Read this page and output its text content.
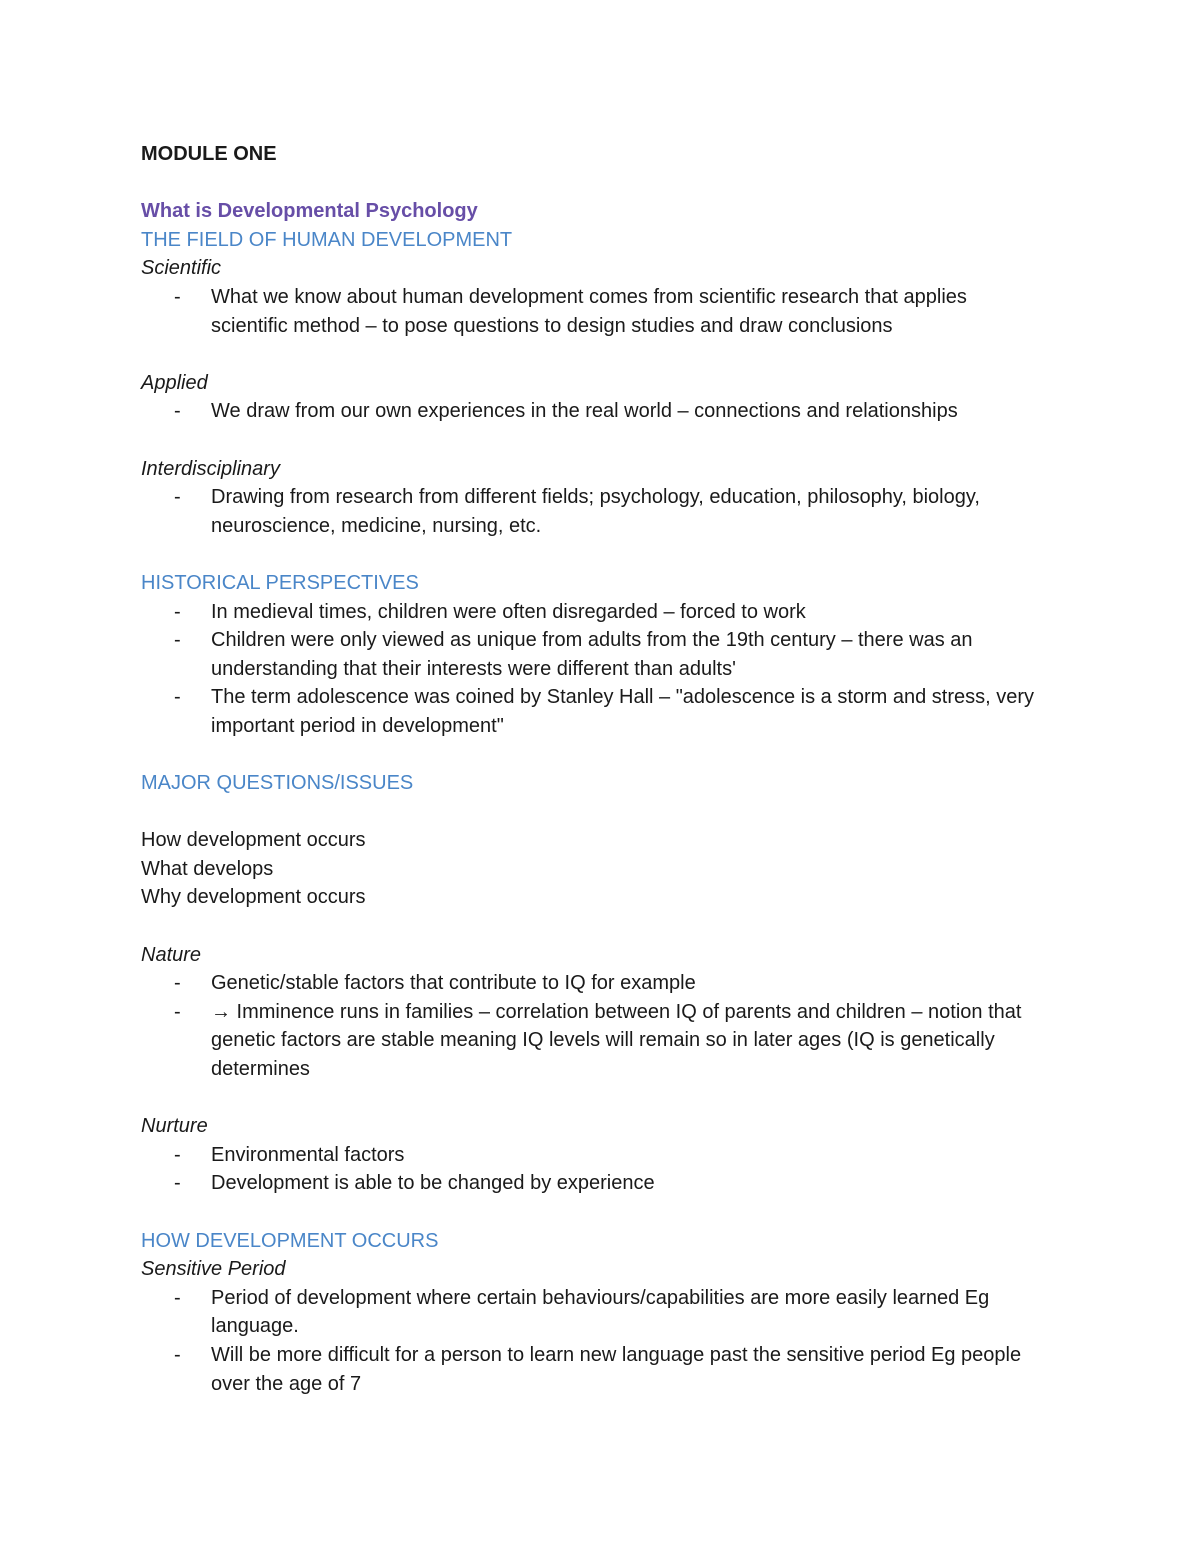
MODULE ONE
What is Developmental Psychology
THE FIELD OF HUMAN DEVELOPMENT
Scientific
- What we know about human development comes from scientific research that applies scientific method – to pose questions to design studies and draw conclusions
Applied
- We draw from our own experiences in the real world – connections and relationships
Interdisciplinary
- Drawing from research from different fields; psychology, education, philosophy, biology, neuroscience, medicine, nursing, etc.
HISTORICAL PERSPECTIVES
- In medieval times, children were often disregarded – forced to work
- Children were only viewed as unique from adults from the 19th century – there was an understanding that their interests were different than adults'
- The term adolescence was coined by Stanley Hall – "adolescence is a storm and stress, very important period in development"
MAJOR QUESTIONS/ISSUES
How development occurs
What develops
Why development occurs
Nature
- Genetic/stable factors that contribute to IQ for example
- → Imminence runs in families – correlation between IQ of parents and children – notion that genetic factors are stable meaning IQ levels will remain so in later ages (IQ is genetically determines
Nurture
- Environmental factors
- Development is able to be changed by experience
HOW DEVELOPMENT OCCURS
Sensitive Period
- Period of development where certain behaviours/capabilities are more easily learned Eg language.
- Will be more difficult for a person to learn new language past the sensitive period Eg people over the age of 7
